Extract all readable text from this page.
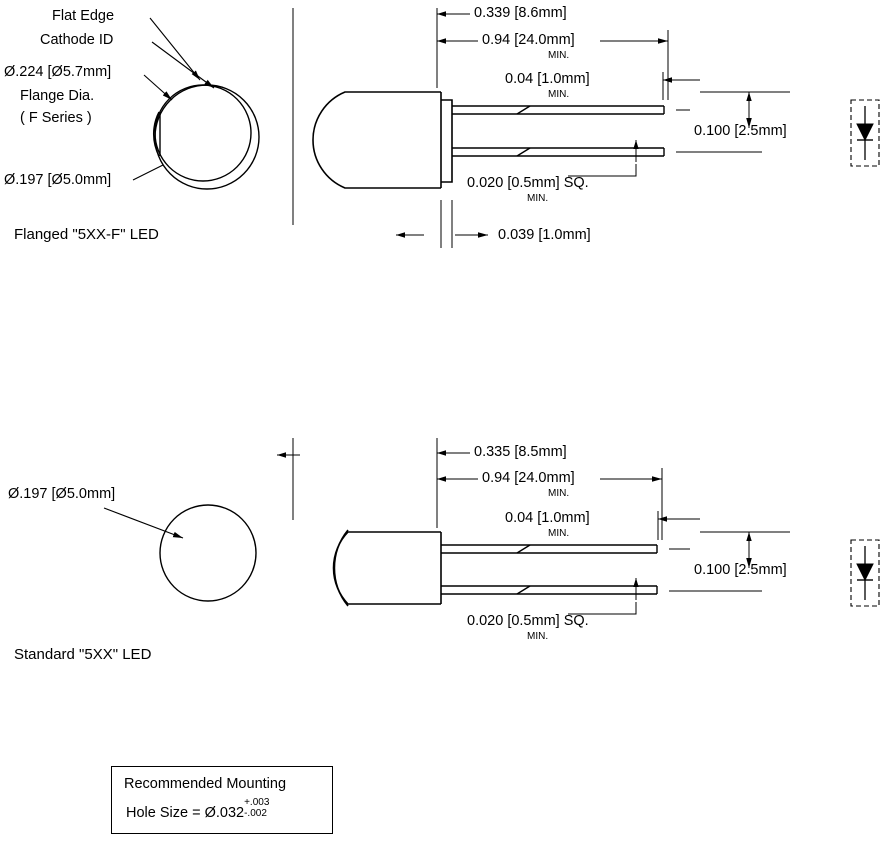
Flat Edge
Cathode ID
Ø.224 [Ø5.7mm]
Flange Dia.
( F Series )
Ø.197 [Ø5.0mm]
Flanged "5XX-F" LED
0.339 [8.6mm]
0.94 [24.0mm]
MIN.
0.04 [1.0mm]
MIN.
0.100 [2.5mm]
0.020 [0.5mm] SQ.
MIN.
0.039 [1.0mm]
Ø.197 [Ø5.0mm]
Standard "5XX" LED
0.335 [8.5mm]
0.94 [24.0mm]
MIN.
0.04 [1.0mm]
MIN.
0.100 [2.5mm]
0.020 [0.5mm] SQ.
MIN.
Recommended Mounting
Hole Size = Ø.032
+.003
-.002
